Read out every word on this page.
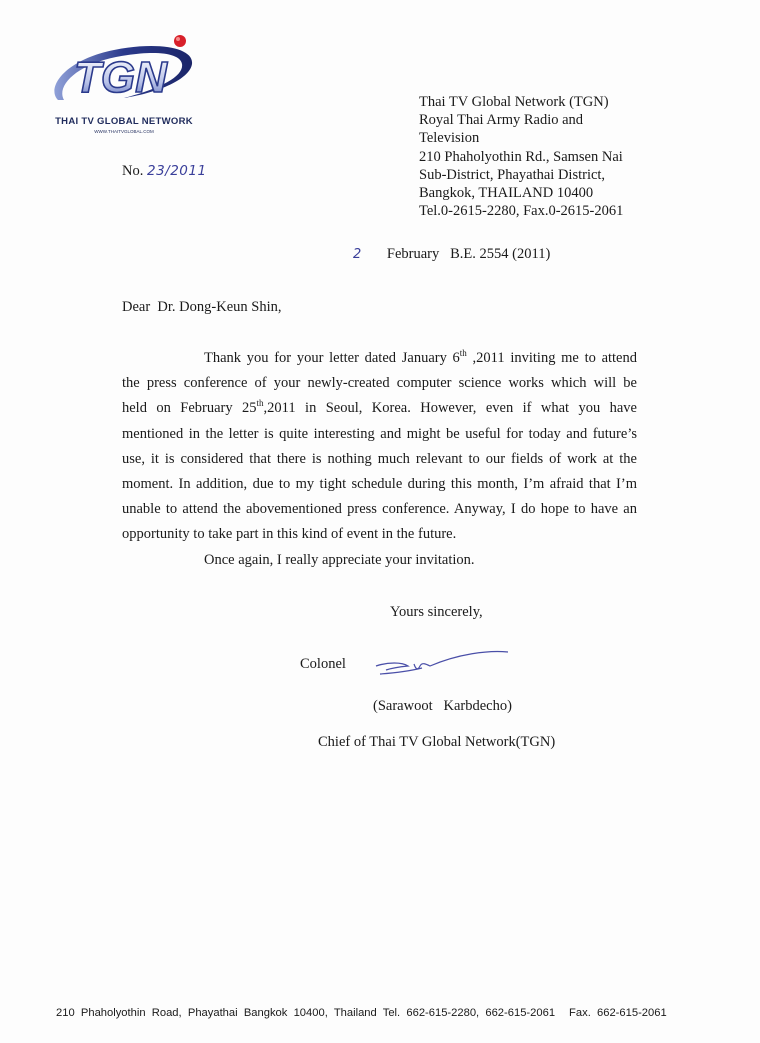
TGN
THAI TV GLOBAL NETWORK
WWW.THAITVGLOBAL.COM
Thai TV Global Network (TGN)
Royal Thai Army Radio and
Television
210 Phaholyothin Rd., Samsen Nai
Sub-District, Phayathai District,
Bangkok, THAILAND 10400
Tel.0-2615-2280, Fax.0-2615-2061
No. 23/2011
2 February   B.E. 2554 (2011)
Dear  Dr. Dong-Keun Shin,
Thank you for your letter dated January 6th ,2011 inviting me to attend
the press conference of your newly-created computer science works which will be
held on February 25th,2011 in Seoul, Korea. However, even if what you have
mentioned in the letter is quite interesting and might be useful for today and future’s
use, it is considered that there is nothing much relevant to our fields of work at the
moment. In addition, due to my tight schedule during this month, I’m afraid that I’m
unable to attend the abovementioned press conference. Anyway, I do hope to have an
opportunity to take part in this kind of event in the future.
Once again, I really appreciate your invitation.
Yours sincerely,
Colonel
(Sarawoot   Karbdecho)
Chief of Thai TV Global Network(TGN)
210  Phaholyothin  Road,  Phayathai  Bangkok  10400,  Thailand  Tel.  662-615-2280,  662-615-2061 Fax.  662-615-2061
